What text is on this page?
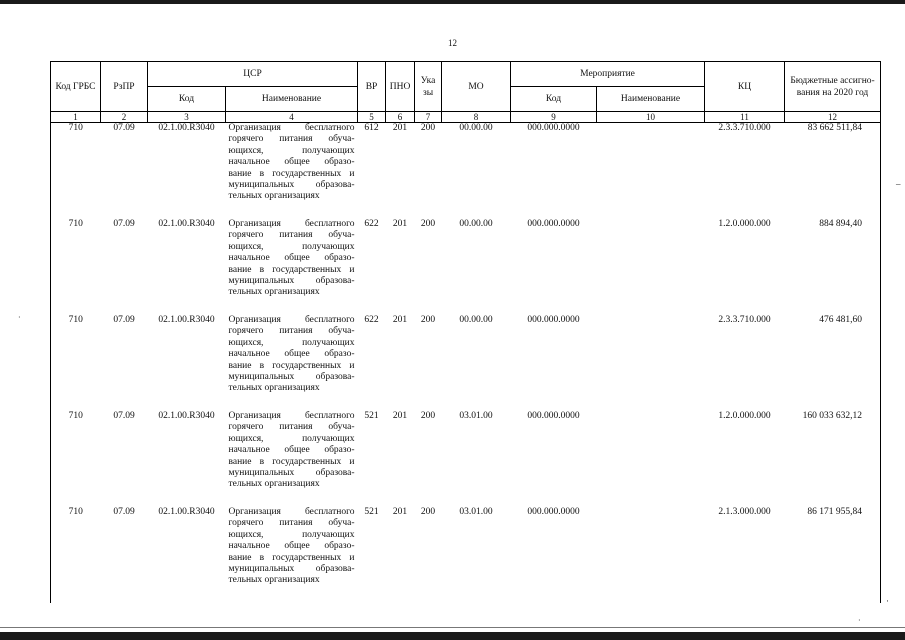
12
–
·
·
·
Код ГРБС	РзПР	ЦСР		ВР	ПНО	Ука зы	МО	Мероприятие		КЦ	Бюджетные ассигно- вания на 2020 год
		Код	Наименование					Код	Наименование		
1	2	3	4	5	6	7	8	9	10	11	12
710	07.09	02.1.00.R3040	Организация бесплатного горячего питания обуча- ющихся, получающих начальное общее образо- вание в государственных и муниципальных образова- тельных организациях	612	201	200	00.00.00	000.000.0000		2.3.3.710.000	83 662 511,84
710	07.09	02.1.00.R3040	Организация бесплатного горячего питания обуча- ющихся, получающих начальное общее образо- вание в государственных и муниципальных образова- тельных организациях	622	201	200	00.00.00	000.000.0000		1.2.0.000.000	884 894,40
710	07.09	02.1.00.R3040	Организация бесплатного горячего питания обуча- ющихся, получающих начальное общее образо- вание в государственных и муниципальных образова- тельных организациях	622	201	200	00.00.00	000.000.0000		2.3.3.710.000	476 481,60
710	07.09	02.1.00.R3040	Организация бесплатного горячего питания обуча- ющихся, получающих начальное общее образо- вание в государственных и муниципальных образова- тельных организациях	521	201	200	03.01.00	000.000.0000		1.2.0.000.000	160 033 632,12
710	07.09	02.1.00.R3040	Организация бесплатного горячего питания обуча- ющихся, получающих начальное общее образо- вание в государственных и муниципальных образова- тельных организациях	521	201	200	03.01.00	000.000.0000		2.1.3.000.000	86 171 955,84
